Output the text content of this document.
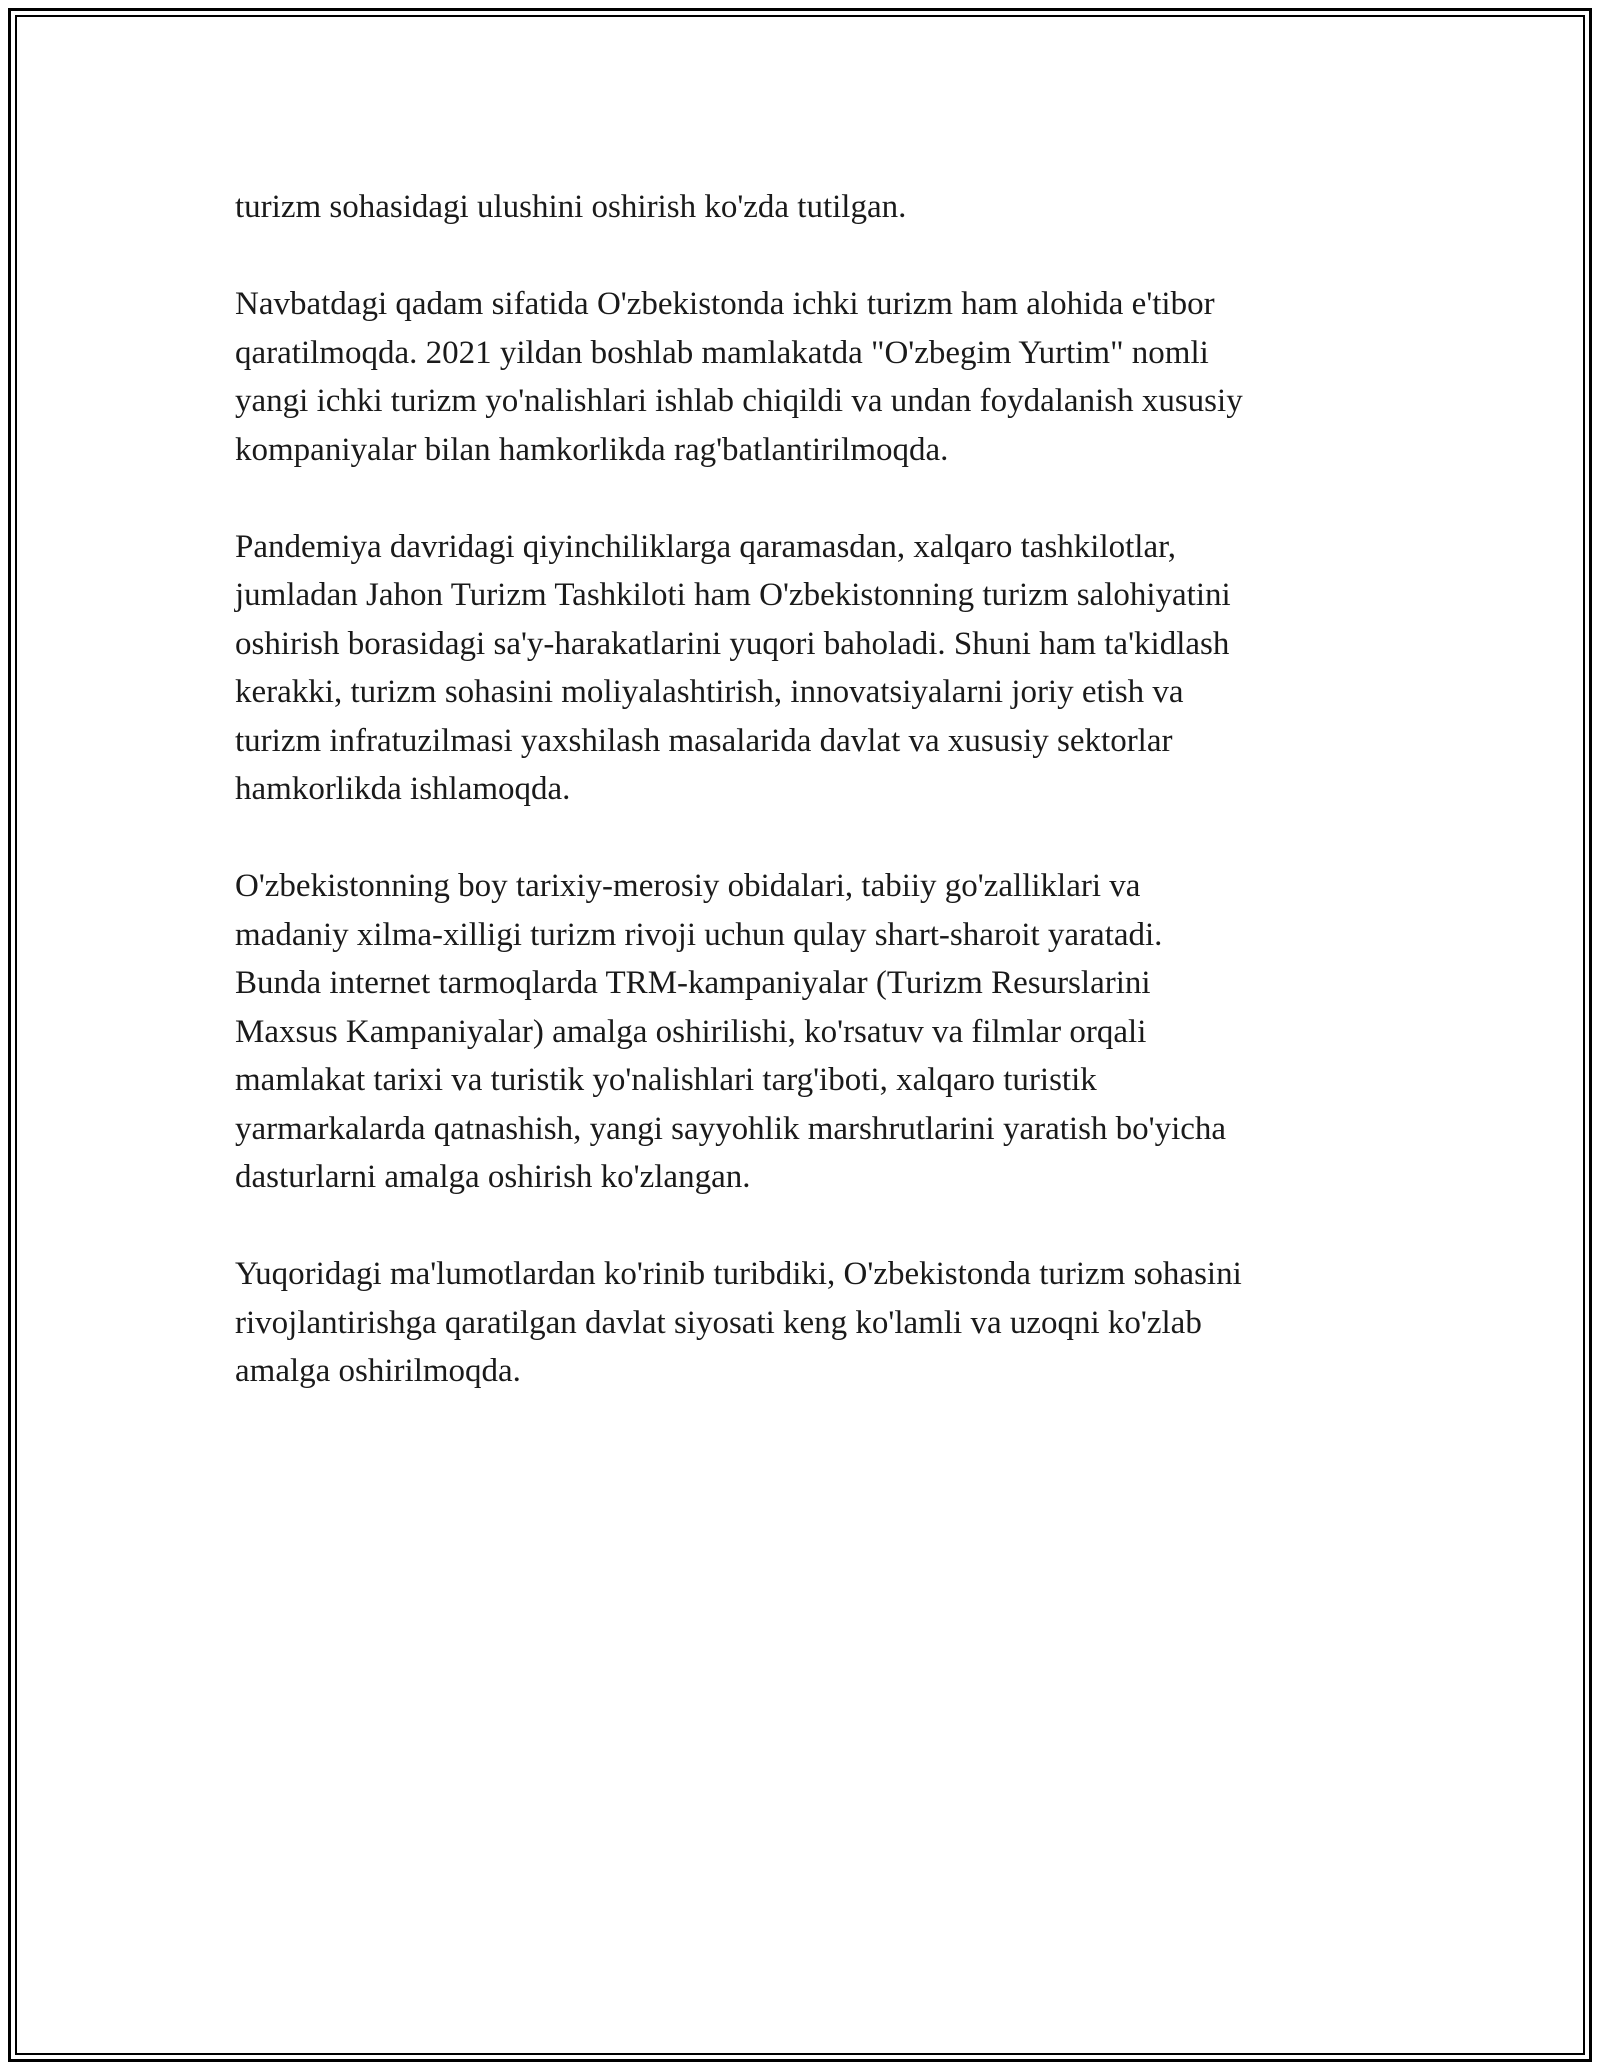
turizm sohasidagi ulushini oshirish ko'zda tutilgan.

Navbatdagi qadam sifatida O'zbekistonda ichki turizm ham alohida e'tibor
qaratilmoqda. 2021 yildan boshlab mamlakatda "O'zbegim Yurtim" nomli
yangi ichki turizm yo'nalishlari ishlab chiqildi va undan foydalanish xususiy
kompaniyalar bilan hamkorlikda rag'batlantirilmoqda.

Pandemiya davridagi qiyinchiliklarga qaramasdan, xalqaro tashkilotlar,
jumladan Jahon Turizm Tashkiloti ham O'zbekistonning turizm salohiyatini
oshirish borasidagi sa'y-harakatlarini yuqori baholadi. Shuni ham ta'kidlash
kerakki, turizm sohasini moliyalashtirish, innovatsiyalarni joriy etish va
turizm infratuzilmasi yaxshilash masalarida davlat va xususiy sektorlar
hamkorlikda ishlamoqda.

O'zbekistonning boy tarixiy-merosiy obidalari, tabiiy go'zalliklari va
madaniy xilma-xilligi turizm rivoji uchun qulay shart-sharoit yaratadi.
Bunda internet tarmoqlarda TRM-kampaniyalar (Turizm Resurslarini
Maxsus Kampaniyalar) amalga oshirilishi, ko'rsatuv va filmlar orqali
mamlakat tarixi va turistik yo'nalishlari targ'iboti, xalqaro turistik
yarmarkalarda qatnashish, yangi sayyohlik marshrutlarini yaratish bo'yicha
dasturlarni amalga oshirish ko'zlangan.

Yuqoridagi ma'lumotlardan ko'rinib turibdiki, O'zbekistonda turizm sohasini
rivojlantirishga qaratilgan davlat siyosati keng ko'lamli va uzoqni ko'zlab
amalga oshirilmoqda.
